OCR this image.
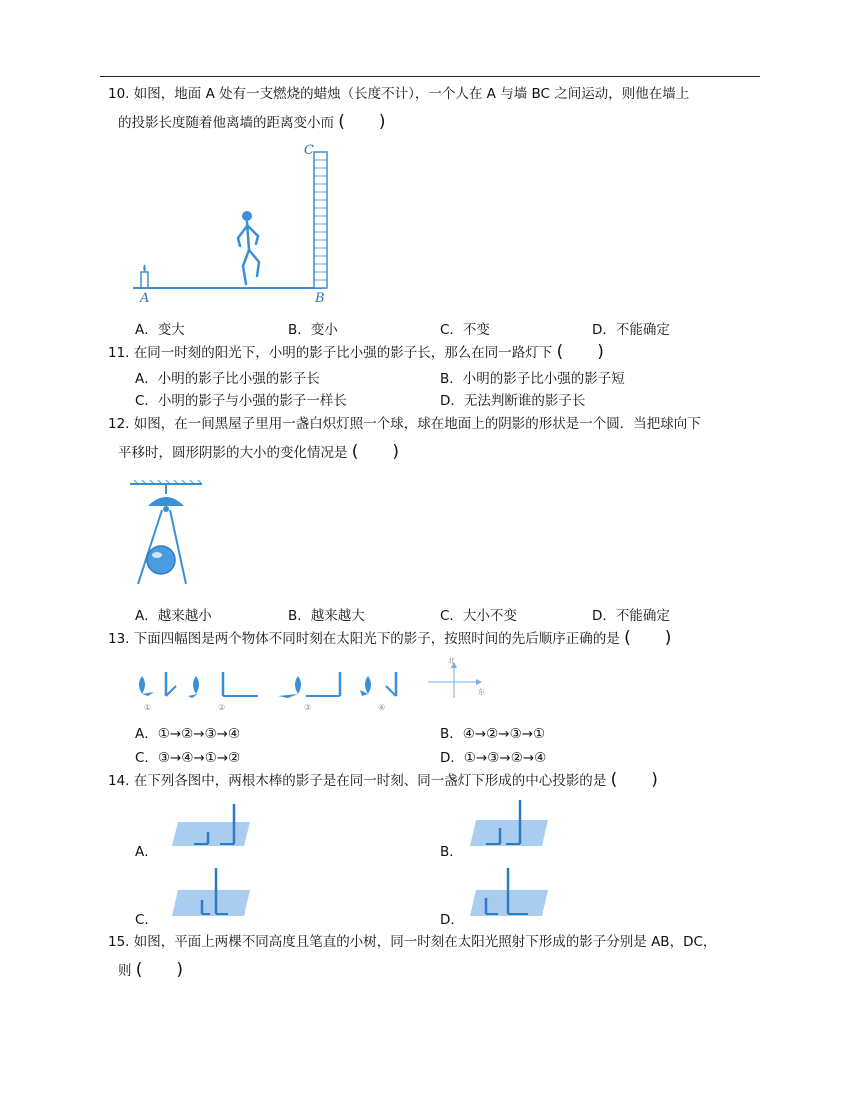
10. 如图，地面 A 处有一支燃烧的蜡烛（长度不计），一个人在 A 与墙 BC 之间运动，则他在墙上
的投影长度随着他离墙的距离变小而 (　　)
A	B
C
A．变大	B．变小	C．不变	D．不能确定
11. 在同一时刻的阳光下，小明的影子比小强的影子长，那么在同一路灯下 (　　)
A．小明的影子比小强的影子长	B．小明的影子比小强的影子短
C．小明的影子与小强的影子一样长	D．无法判断谁的影子长
12. 如图，在一间黑屋子里用一盏白炽灯照一个球，球在地面上的阴影的形状是一个圆．当把球向下
平移时，圆形阴影的大小的变化情况是 (　　)
A．越来越小	B．越来越大	C．大小不变	D．不能确定
13. 下面四幅图是两个物体不同时刻在太阳光下的影子，按照时间的先后顺序正确的是 (　　)
①	②	③	④
北
东
A．①→②→③→④	B．④→②→③→①
C．③→④→①→②	D．①→③→②→④
14. 在下列各图中，两根木棒的影子是在同一时刻、同一盏灯下形成的中心投影的是 (　　)
A．	B．
C．	D．
15. 如图，平面上两棵不同高度且笔直的小树，同一时刻在太阳光照射下形成的影子分别是 AB，DC，
则 (　　)
